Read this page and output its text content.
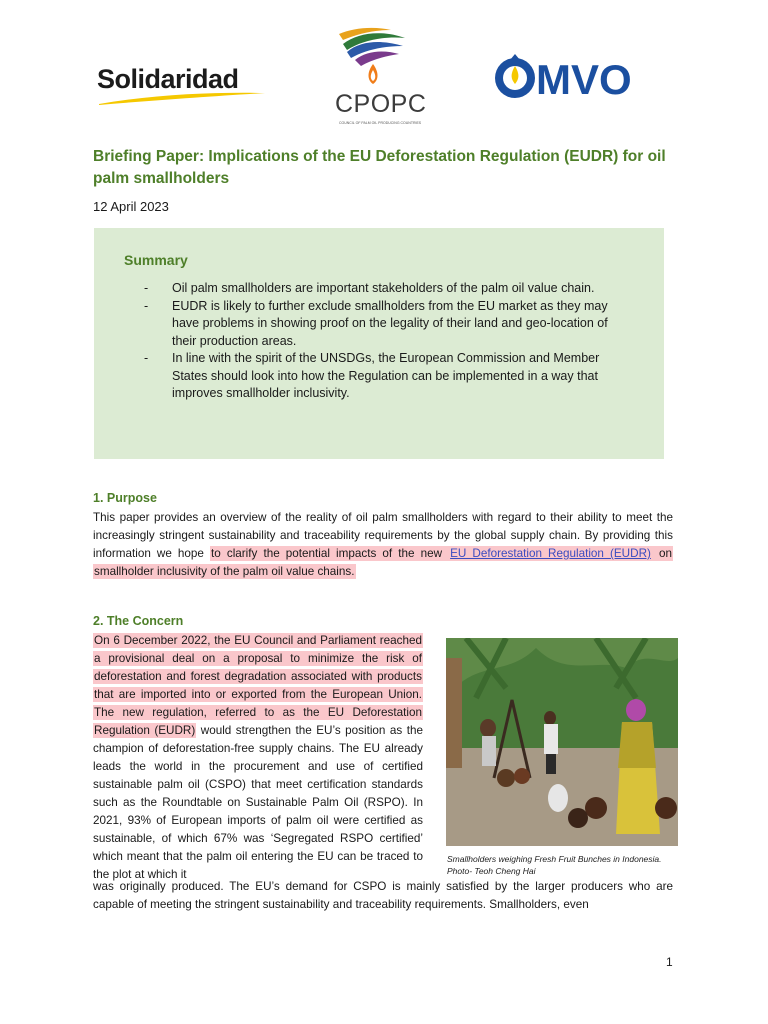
Solidaridad
CPOPC
COUNCIL OF PALM OIL PRODUCING COUNTRIES
MVO
Briefing Paper: Implications of the EU Deforestation Regulation (EUDR) for oil palm smallholders
12 April 2023
Summary
- Oil palm smallholders are important stakeholders of the palm oil value chain.
- EUDR is likely to further exclude smallholders from the EU market as they may have problems in showing proof on the legality of their land and geo-location of their production areas.
- In line with the spirit of the UNSDGs, the European Commission and Member States should look into how the Regulation can be implemented in a way that improves smallholder inclusivity.
1. Purpose
This paper provides an overview of the reality of oil palm smallholders with regard to their ability to meet the increasingly stringent sustainability and traceability requirements by the global supply chain. By providing this information we hope to clarify the potential impacts of the new EU Deforestation Regulation (EUDR) on smallholder inclusivity of the palm oil value chains.
2. The Concern
On 6 December 2022, the EU Council and Parliament reached a provisional deal on a proposal to minimize the risk of deforestation and forest degradation associated with products that are imported into or exported from the European Union. The new regulation, referred to as the EU Deforestation Regulation (EUDR) would strengthen the EU’s position as the champion of deforestation-free supply chains. The EU already leads the world in the procurement and use of certified sustainable palm oil (CSPO) that meet certification standards such as the Roundtable on Sustainable Palm Oil (RSPO). In 2021, 93% of European imports of palm oil were certified as sustainable, of which 67% was ‘Segregated RSPO certified’ which meant that the palm oil entering the EU can be traced to the plot at which it
was originally produced. The EU’s demand for CSPO is mainly satisfied by the larger producers who are capable of meeting the stringent sustainability and traceability requirements. Smallholders, even
Smallholders weighing Fresh Fruit Bunches in Indonesia. Photo- Teoh Cheng Hai
1
